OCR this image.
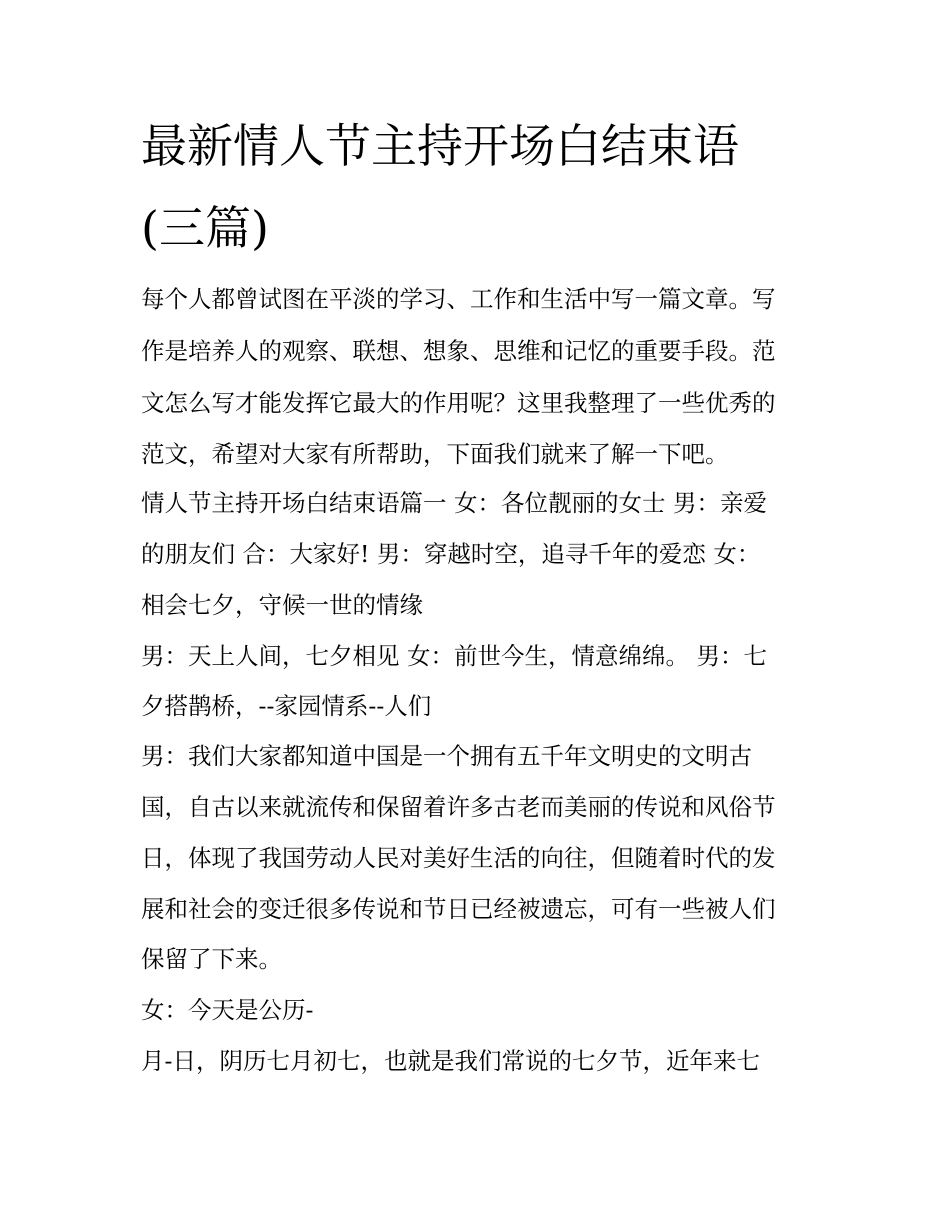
最新情人节主持开场白结束语
(三篇)
每个人都曾试图在平淡的学习、工作和生活中写一篇文章。写
作是培养人的观察、联想、想象、思维和记忆的重要手段。范
文怎么写才能发挥它最大的作用呢？这里我整理了一些优秀的
范文，希望对大家有所帮助，下面我们就来了解一下吧。
情人节主持开场白结束语篇一 女：各位靓丽的女士 男：亲爱
的朋友们 合：大家好! 男：穿越时空，追寻千年的爱恋 女：
相会七夕，守候一世的情缘
男：天上人间，七夕相见 女：前世今生，情意绵绵。 男：七
夕搭鹊桥，--家园情系--人们
男：我们大家都知道中国是一个拥有五千年文明史的文明古
国，自古以来就流传和保留着许多古老而美丽的传说和风俗节
日，体现了我国劳动人民对美好生活的向往，但随着时代的发
展和社会的变迁很多传说和节日已经被遗忘，可有一些被人们
保留了下来。
女：今天是公历-
月-日，阴历七月初七，也就是我们常说的七夕节，近年来七
